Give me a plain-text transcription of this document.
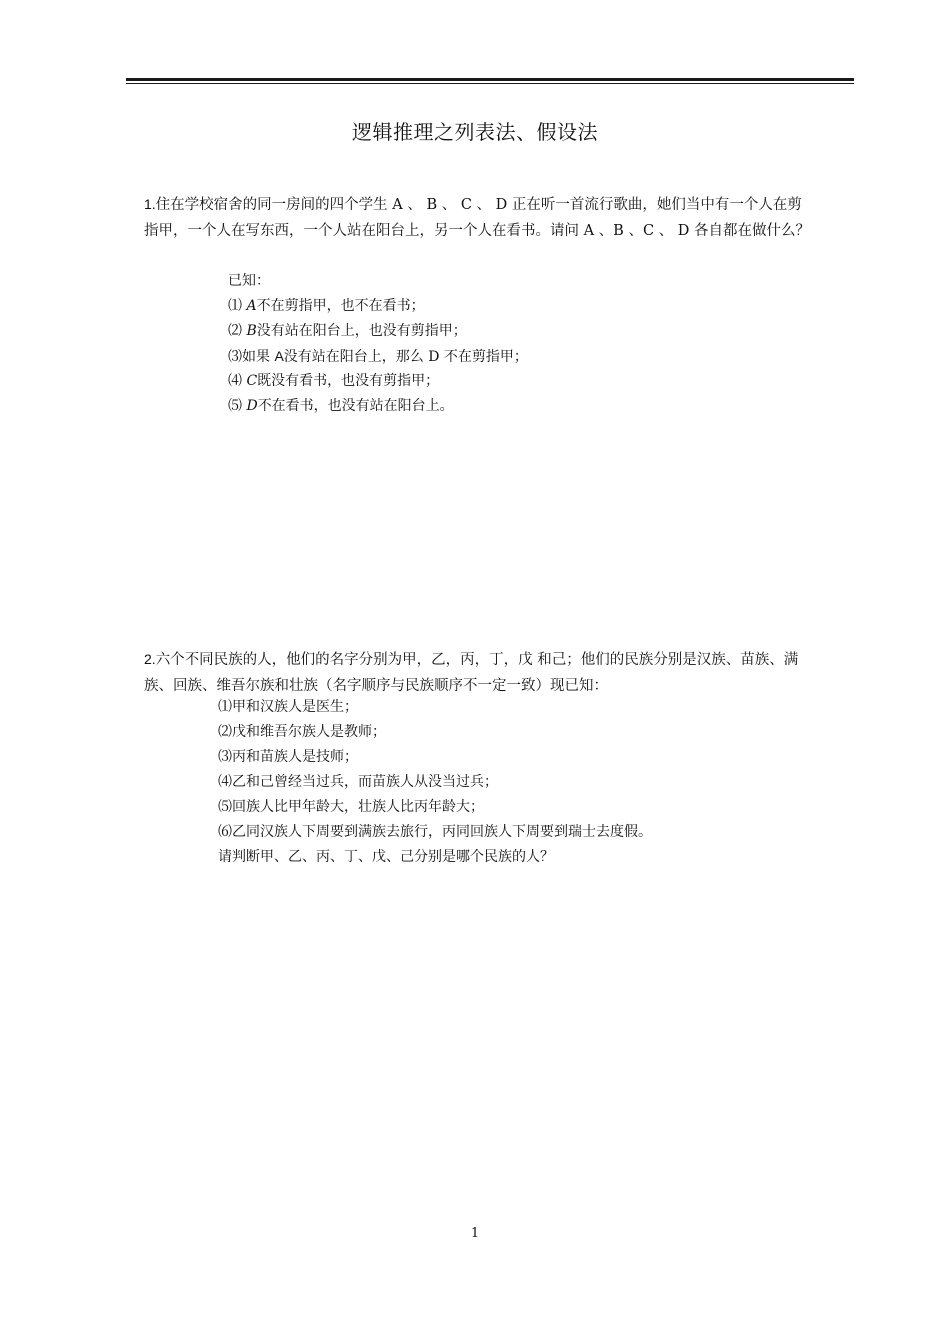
逻辑推理之列表法、假设法
1.住在学校宿舍的同一房间的四个学生 A 、 B 、 C 、 D 正在听一首流行歌曲，她们当中有一个人在剪指甲，一个人在写东西，一个人站在阳台上，另一个人在看书。请问 A 、B 、C 、 D 各自都在做什么？
已知：
⑴ A不在剪指甲，也不在看书；
⑵ B没有站在阳台上，也没有剪指甲；
⑶如果 A没有站在阳台上，那么 D 不在剪指甲；
⑷ C既没有看书，也没有剪指甲；
⑸ D不在看书，也没有站在阳台上。
2.六个不同民族的人，他们的名字分别为甲，乙，丙，丁，戊 和己；他们的民族分别是汉族、苗族、满族、回族、维吾尔族和壮族（名字顺序与民族顺序不一定一致）现已知：
⑴甲和汉族人是医生；
⑵戊和维吾尔族人是教师；
⑶丙和苗族人是技师；
⑷乙和己曾经当过兵，而苗族人从没当过兵；
⑸回族人比甲年龄大，壮族人比丙年龄大；
⑹乙同汉族人下周要到满族去旅行，丙同回族人下周要到瑞士去度假。
请判断甲、乙、丙、丁、戊、己分别是哪个民族的人？
1
